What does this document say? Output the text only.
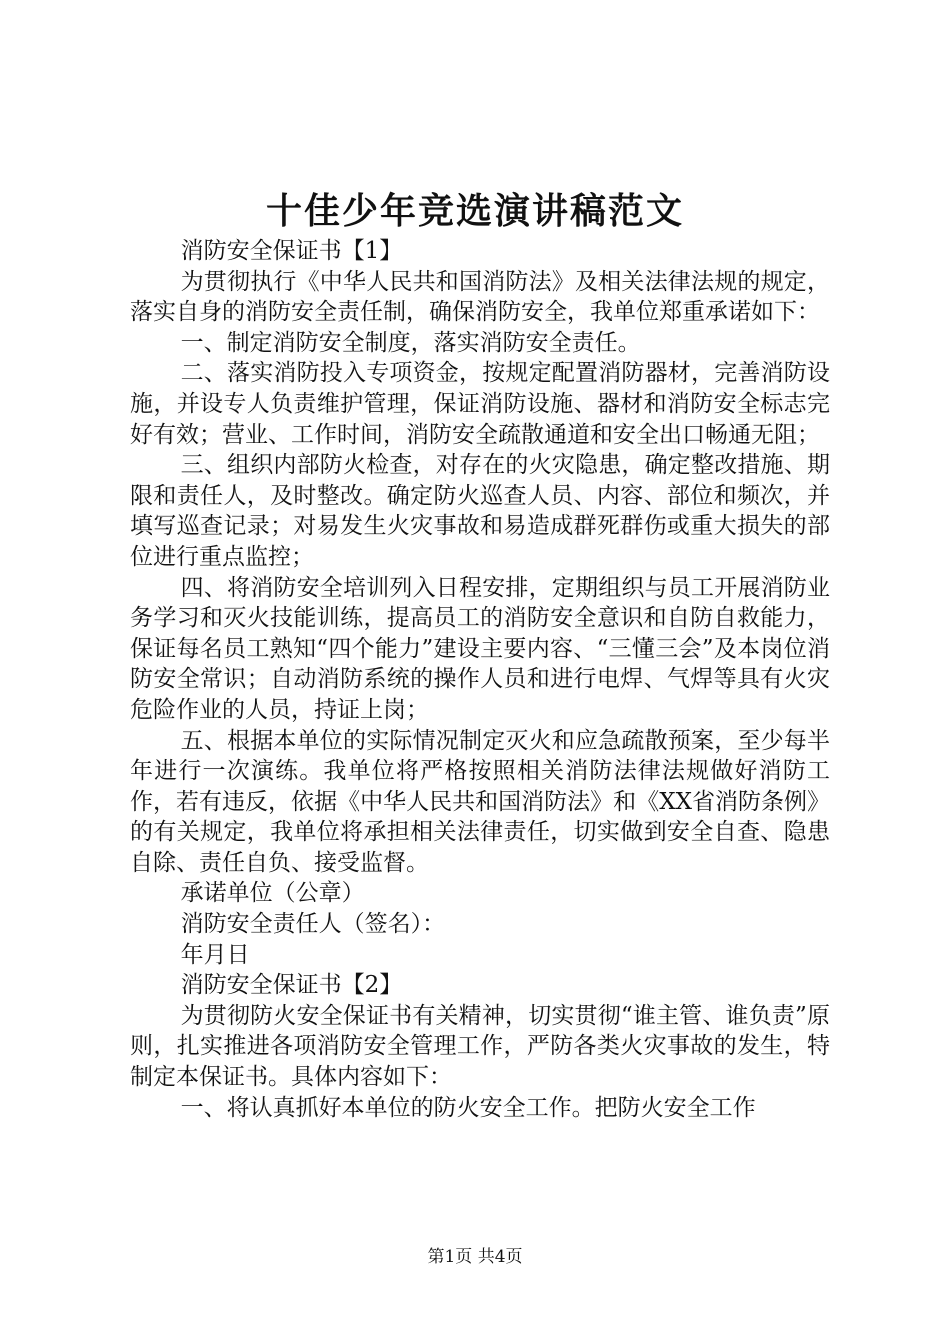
十佳少年竞选演讲稿范文

消防安全保证书【1】

为贯彻执行《中华人民共和国消防法》及相关法律法规的规定，落实自身的消防安全责任制，确保消防安全，我单位郑重承诺如下：

一、制定消防安全制度，落实消防安全责任。

二、落实消防投入专项资金，按规定配置消防器材，完善消防设施，并设专人负责维护管理，保证消防设施、器材和消防安全标志完好有效；营业、工作时间，消防安全疏散通道和安全出口畅通无阻；

三、组织内部防火检查，对存在的火灾隐患，确定整改措施、期限和责任人，及时整改。确定防火巡查人员、内容、部位和频次，并填写巡查记录；对易发生火灾事故和易造成群死群伤或重大损失的部位进行重点监控；

四、将消防安全培训列入日程安排，定期组织与员工开展消防业务学习和灭火技能训练，提高员工的消防安全意识和自防自救能力，保证每名员工熟知“四个能力”建设主要内容、“三懂三会”及本岗位消防安全常识；自动消防系统的操作人员和进行电焊、气焊等具有火灾危险作业的人员，持证上岗；

五、根据本单位的实际情况制定灭火和应急疏散预案，至少每半年进行一次演练。我单位将严格按照相关消防法律法规做好消防工作，若有违反，依据《中华人民共和国消防法》和《XX省消防条例》的有关规定，我单位将承担相关法律责任，切实做到安全自查、隐患自除、责任自负、接受监督。

承诺单位（公章）

消防安全责任人（签名）：

年月日

消防安全保证书【2】

为贯彻防火安全保证书有关精神，切实贯彻“谁主管、谁负责”原则，扎实推进各项消防安全管理工作，严防各类火灾事故的发生，特制定本保证书。具体内容如下：

一、将认真抓好本单位的防火安全工作。把防火安全工作

第1页 共4页
